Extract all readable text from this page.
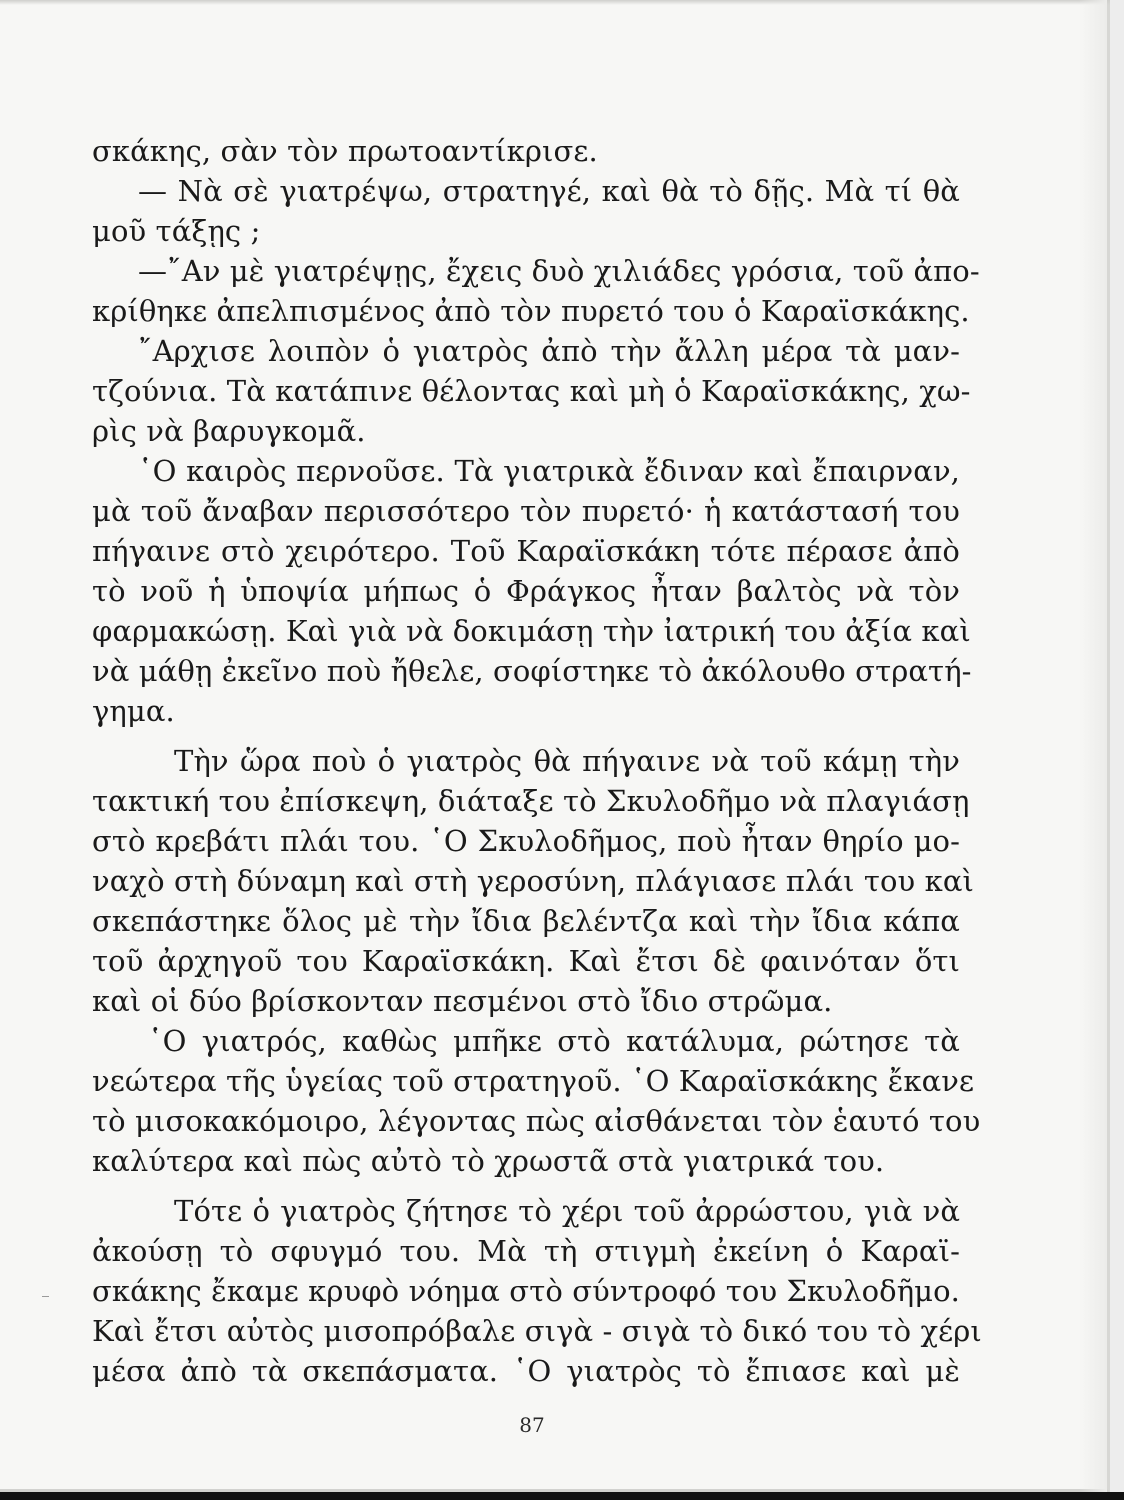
σκάκης, σὰν τὸν πρωτοαντίκρισε.
— Νὰ σὲ γιατρέψω, στρατηγέ, καὶ θὰ τὸ δῇς. Μὰ τί θὰ
μοῦ τάξῃς ;
—῎Αν μὲ γιατρέψῃς, ἔχεις δυὸ χιλιάδες γρόσια, τοῦ ἀπο-
κρίθηκε ἀπελπισμένος ἀπὸ τὸν πυρετό του ὁ Καραϊσκάκης.
῎Αρχισε λοιπὸν ὁ γιατρὸς ἀπὸ τὴν ἄλλη μέρα τὰ μαν-
τζούνια. Τὰ κατάπινε θέλοντας καὶ μὴ ὁ Καραϊσκάκης, χω-
ρὶς νὰ βαρυγκομᾶ.
῾Ο καιρὸς περνοῦσε. Τὰ γιατρικὰ ἔδιναν καὶ ἔπαιρναν,
μὰ τοῦ ἄναβαν περισσότερο τὸν πυρετό· ἡ κατάστασή του
πήγαινε στὸ χειρότερο. Τοῦ Καραϊσκάκη τότε πέρασε ἀπὸ
τὸ νοῦ ἡ ὑποψία μήπως ὁ Φράγκος ἦταν βαλτὸς νὰ τὸν
φαρμακώσῃ. Καὶ γιὰ νὰ δοκιμάσῃ τὴν ἰατρική του ἀξία καὶ
νὰ μάθῃ ἐκεῖνο ποὺ ἤθελε, σοφίστηκε τὸ ἀκόλουθο στρατή-
γημα.
Τὴν ὥρα ποὺ ὁ γιατρὸς θὰ πήγαινε νὰ τοῦ κάμῃ τὴν
τακτική του ἐπίσκεψη, διάταξε τὸ Σκυλοδῆμο νὰ πλαγιάσῃ
στὸ κρεβάτι πλάι του. ῾Ο Σκυλοδῆμος, ποὺ ἦταν θηρίο μο-
ναχὸ στὴ δύναμη καὶ στὴ γεροσύνη, πλάγιασε πλάι του καὶ
σκεπάστηκε ὅλος μὲ τὴν ἴδια βελέντζα καὶ τὴν ἴδια κάπα
τοῦ ἀρχηγοῦ του Καραϊσκάκη. Καὶ ἔτσι δὲ φαινόταν ὅτι
καὶ οἱ δύο βρίσκονταν πεσμένοι στὸ ἴδιο στρῶμα.
῾Ο γιατρός, καθὼς μπῆκε στὸ κατάλυμα, ρώτησε τὰ
νεώτερα τῆς ὑγείας τοῦ στρατηγοῦ. ῾Ο Καραϊσκάκης ἔκανε
τὸ μισοκακόμοιρο, λέγοντας πὼς αἰσθάνεται τὸν ἑαυτό του
καλύτερα καὶ πὼς αὐτὸ τὸ χρωστᾶ στὰ γιατρικά του.
Τότε ὁ γιατρὸς ζήτησε τὸ χέρι τοῦ ἀρρώστου, γιὰ νὰ
ἀκούσῃ τὸ σφυγμό του. Μὰ τὴ στιγμὴ ἐκείνη ὁ Καραϊ-
σκάκης ἔκαμε κρυφὸ νόημα στὸ σύντροφό του Σκυλοδῆμο.
Καὶ ἔτσι αὐτὸς μισοπρόβαλε σιγὰ - σιγὰ τὸ δικό του τὸ χέρι
μέσα ἀπὸ τὰ σκεπάσματα. ῾Ο γιατρὸς τὸ ἔπιασε καὶ μὲ
87
